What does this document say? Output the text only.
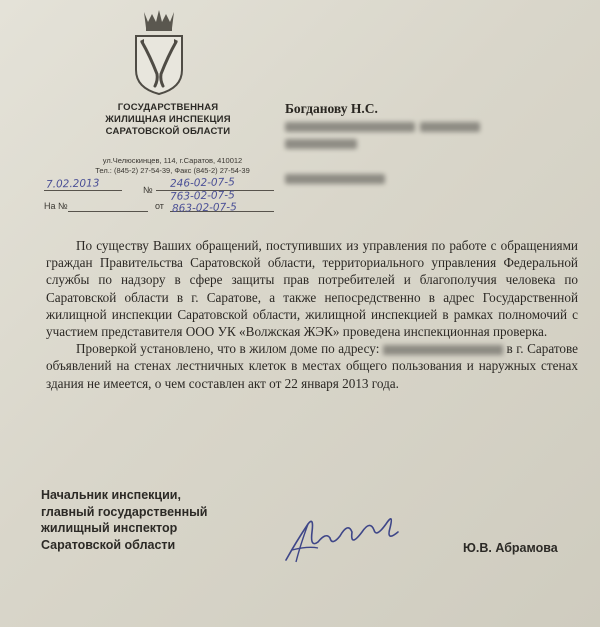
ГОСУДАРСТВЕННАЯ
ЖИЛИЩНАЯ ИНСПЕКЦИЯ
САРАТОВСКОЙ ОБЛАСТИ
ул.Челюскинцев, 114, г.Саратов, 410012
Тел.: (845-2) 27-54-39, Факс (845-2) 27-54-39
7.02.2013	№
246-02-07-5
763-02-07-5
На №	от 863-02-07-5
Богданову Н.С.

По существу Ваших обращений, поступивших из управления по работе с обращениями граждан Правительства Саратовской области, территориального управления Федеральной службы по надзору в сфере защиты прав потребителей и благополучия человека по Саратовской области в г. Саратове, а также непосредственно в адрес Государственной жилищной инспекции Саратовской области, жилищной инспекцией в рамках полномочий с участием представителя ООО УК «Волжская ЖЭК» проведена инспекционная проверка.

Проверкой установлено, что в жилом доме по адресу:	в г. Саратове объявлений на стенах лестничных клеток в местах общего пользования и наружных стенах здания не имеется, о чем составлен акт от 22 января 2013 года.

Начальник инспекции,
главный государственный
жилищный инспектор
Саратовской области	Ю.В. Абрамова
